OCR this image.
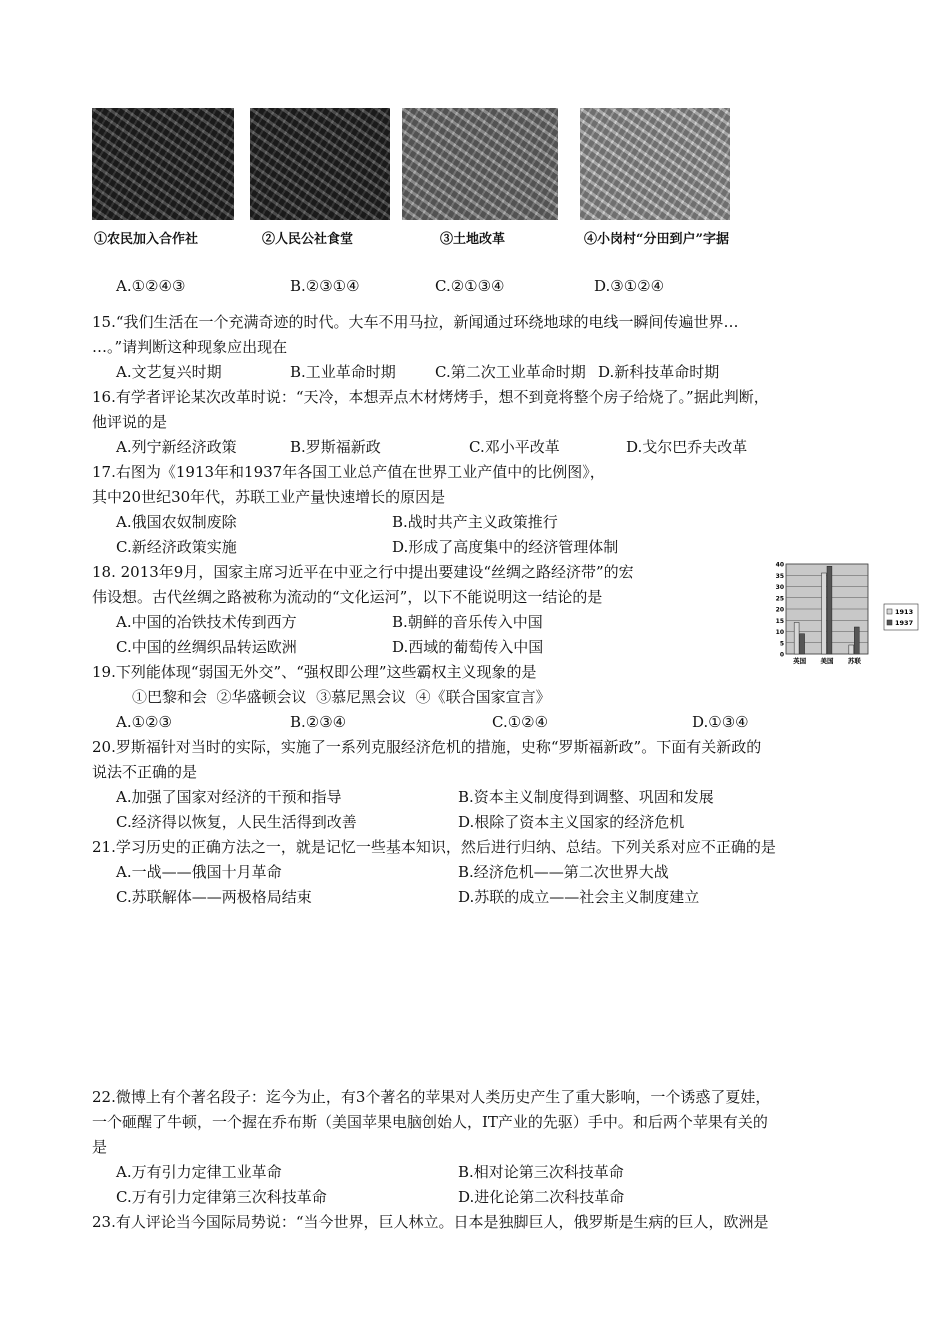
①农民加入合作社	②人民公社食堂	③土地改革	④小岗村“分田到户”字据
A.①②④③	B.②③①④	C.②①③④	D.③①②④
15.“我们生活在一个充满奇迹的时代。大车不用马拉，新闻通过环绕地球的电线一瞬间传遍世界…
…。”请判断这种现象应出现在
A.文艺复兴时期	B.工业革命时期	C.第二次工业革命时期 D.新科技革命时期
16.有学者评论某次改革时说：“天冷，本想弄点木材烤烤手，想不到竟将整个房子给烧了。”据此判断，
他评说的是
A.列宁新经济政策	B.罗斯福新政	C.邓小平改革	D.戈尔巴乔夫改革
17.右图为《1913年和1937年各国工业总产值在世界工业产值中的比例图》，
其中20世纪30年代，苏联工业产量快速增长的原因是
A.俄国农奴制废除	B.战时共产主义政策推行
C.新经济政策实施	D.形成了高度集中的经济管理体制
18. 2013年9月，国家主席习近平在中亚之行中提出要建设“丝绸之路经济带”的宏
伟设想。古代丝绸之路被称为流动的“文化运河”，以下不能说明这一结论的是
A.中国的冶铁技术传到西方	B.朝鲜的音乐传入中国
C.中国的丝绸织品转运欧洲	D.西域的葡萄传入中国	0
5
10
15
20
25
30
35
40
英国 美国 苏联
1913
1937
19.下列能体现“弱国无外交”、“强权即公理”这些霸权主义现象的是
①巴黎和会  ②华盛顿会议  ③慕尼黑会议  ④《联合国家宣言》
A.①②③	B.②③④	C.①②④	D.①③④
20.罗斯福针对当时的实际，实施了一系列克服经济危机的措施，史称“罗斯福新政”。下面有关新政的
说法不正确的是
A.加强了国家对经济的干预和指导	B.资本主义制度得到调整、巩固和发展
C.经济得以恢复，人民生活得到改善	D.根除了资本主义国家的经济危机
21.学习历史的正确方法之一，就是记忆一些基本知识，然后进行归纳、总结。下列关系对应不正确的是
A.一战——俄国十月革命	B.经济危机——第二次世界大战
C.苏联解体——两极格局结束	D.苏联的成立——社会主义制度建立
22.微博上有个著名段子：迄今为止，有3个著名的苹果对人类历史产生了重大影响，一个诱惑了夏娃，
一个砸醒了牛顿，一个握在乔布斯（美国苹果电脑创始人，IT产业的先驱）手中。和后两个苹果有关的
是
A.万有引力定律工业革命	B.相对论第三次科技革命
C.万有引力定律第三次科技革命	D.进化论第二次科技革命
23.有人评论当今国际局势说：“当今世界，巨人林立。日本是独脚巨人，俄罗斯是生病的巨人，欧洲是
